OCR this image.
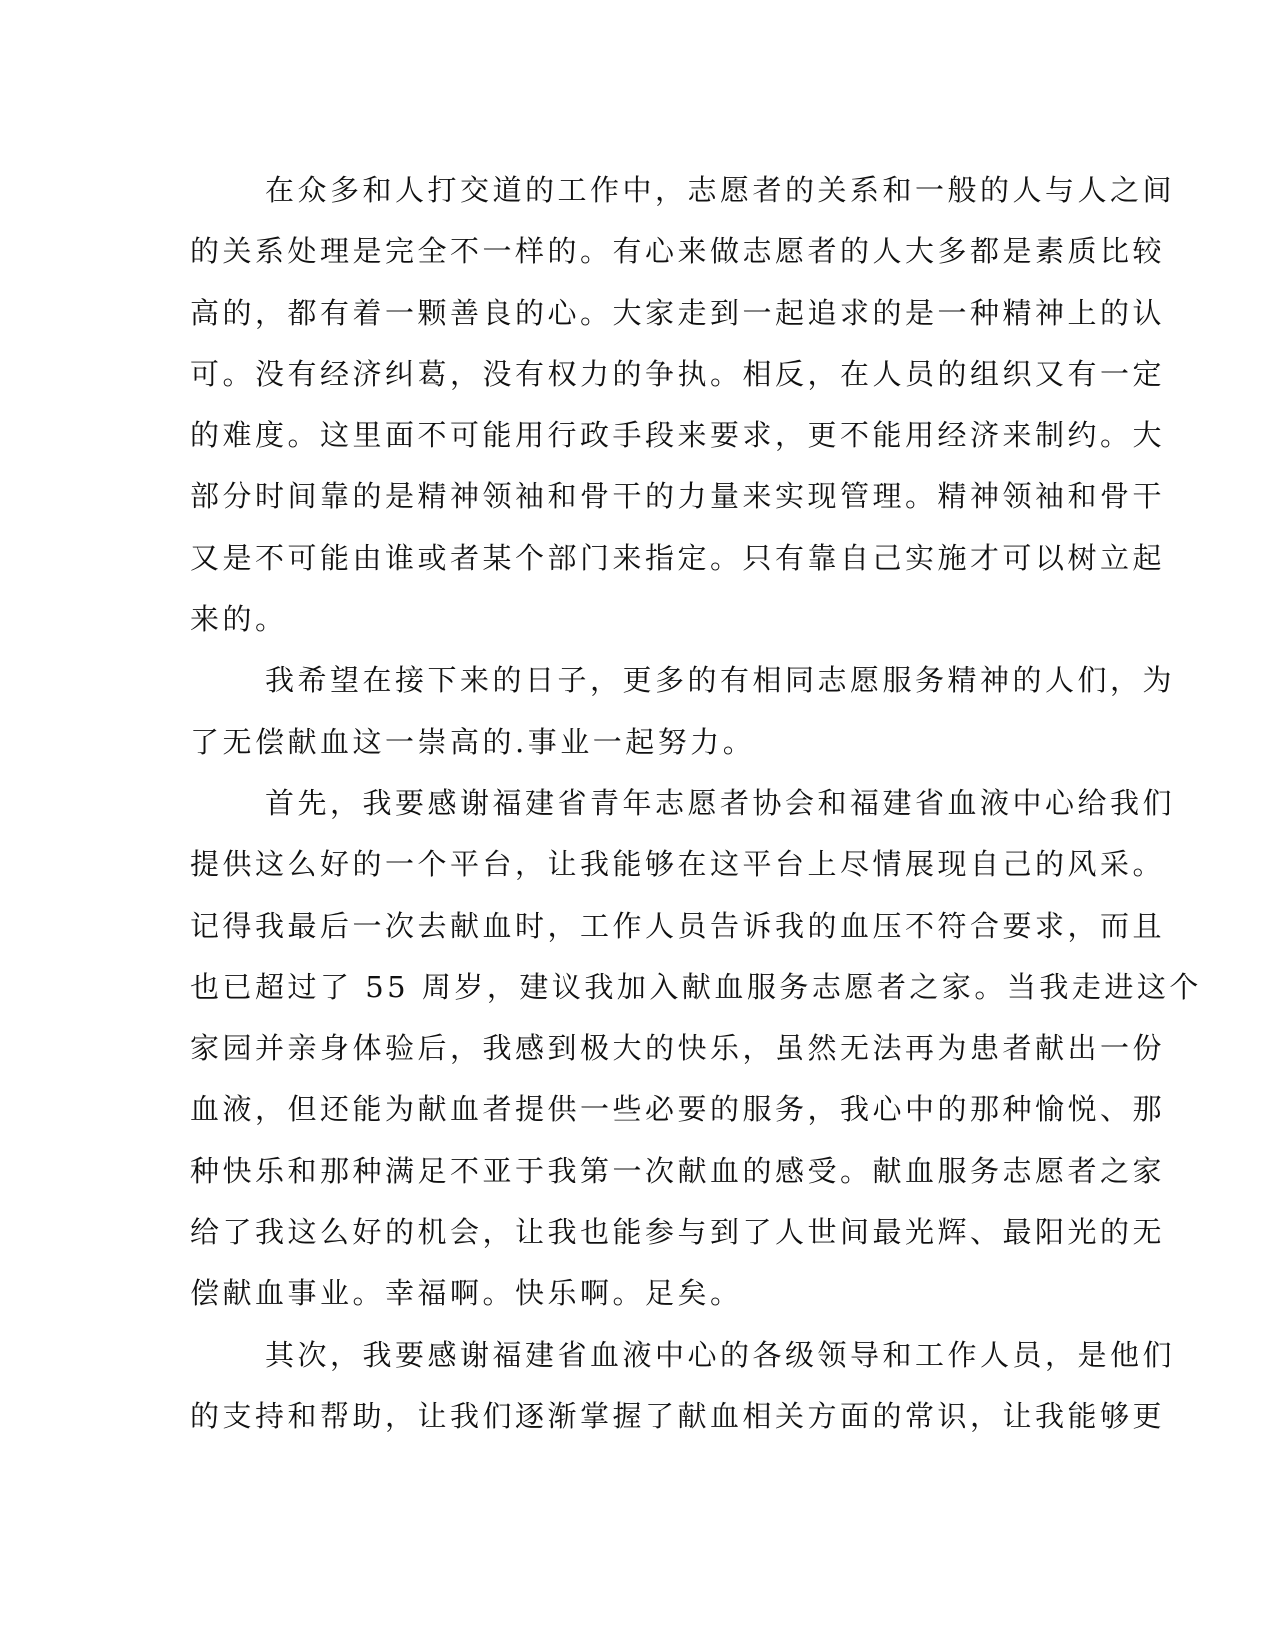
在众多和人打交道的工作中，志愿者的关系和一般的人与人之间
的关系处理是完全不一样的。有心来做志愿者的人大多都是素质比较
高的，都有着一颗善良的心。大家走到一起追求的是一种精神上的认
可。没有经济纠葛，没有权力的争执。相反，在人员的组织又有一定
的难度。这里面不可能用行政手段来要求，更不能用经济来制约。大
部分时间靠的是精神领袖和骨干的力量来实现管理。精神领袖和骨干
又是不可能由谁或者某个部门来指定。只有靠自己实施才可以树立起
来的。

我希望在接下来的日子，更多的有相同志愿服务精神的人们，为
了无偿献血这一崇高的.事业一起努力。

首先，我要感谢福建省青年志愿者协会和福建省血液中心给我们
提供这么好的一个平台，让我能够在这平台上尽情展现自己的风采。
记得我最后一次去献血时，工作人员告诉我的血压不符合要求，而且
也已超过了 55 周岁，建议我加入献血服务志愿者之家。当我走进这个
家园并亲身体验后，我感到极大的快乐，虽然无法再为患者献出一份
血液，但还能为献血者提供一些必要的服务，我心中的那种愉悦、那
种快乐和那种满足不亚于我第一次献血的感受。献血服务志愿者之家
给了我这么好的机会，让我也能参与到了人世间最光辉、最阳光的无
偿献血事业。幸福啊。快乐啊。足矣。

其次，我要感谢福建省血液中心的各级领导和工作人员，是他们
的支持和帮助，让我们逐渐掌握了献血相关方面的常识，让我能够更
